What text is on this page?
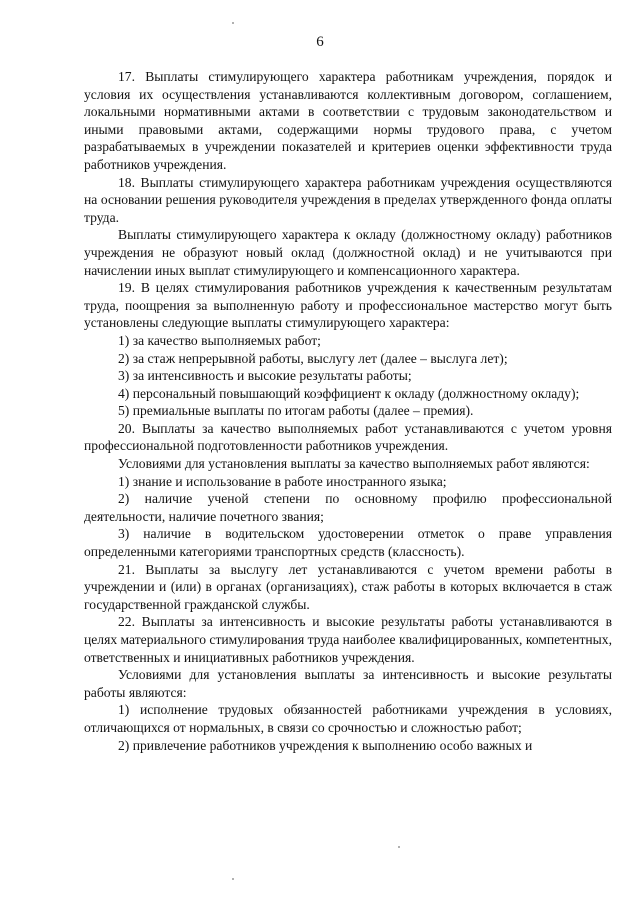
6

17. Выплаты стимулирующего характера работникам учреждения, порядок и условия их осуществления устанавливаются коллективным договором, соглашением, локальными нормативными актами в соответствии с трудовым законодательством и иными правовыми актами, содержащими нормы трудового права, с учетом разрабатываемых в учреждении показателей и критериев оценки эффективности труда работников учреждения.

18. Выплаты стимулирующего характера работникам учреждения осуществляются на основании решения руководителя учреждения в пределах утвержденного фонда оплаты труда.

Выплаты стимулирующего характера к окладу (должностному окладу) работников учреждения не образуют новый оклад (должностной оклад) и не учитываются при начислении иных выплат стимулирующего и компенсационного характера.

19. В целях стимулирования работников учреждения к качественным результатам труда, поощрения за выполненную работу и профессиональное мастерство могут быть установлены следующие выплаты стимулирующего характера:

1) за качество выполняемых работ;

2) за стаж непрерывной работы, выслугу лет (далее – выслуга лет);

3) за интенсивность и высокие результаты работы;

4) персональный повышающий коэффициент к окладу (должностному окладу);

5) премиальные выплаты по итогам работы (далее – премия).

20. Выплаты за качество выполняемых работ устанавливаются с учетом уровня профессиональной подготовленности работников учреждения.

Условиями для установления выплаты за качество выполняемых работ являются:

1) знание и использование в работе иностранного языка;

2) наличие ученой степени по основному профилю профессиональной деятельности, наличие почетного звания;

3) наличие в водительском удостоверении отметок о праве управления определенными категориями транспортных средств (классность).

21. Выплаты за выслугу лет устанавливаются с учетом времени работы в учреждении и (или) в органах (организациях), стаж работы в которых включается в стаж государственной гражданской службы.

22. Выплаты за интенсивность и высокие результаты работы устанавливаются в целях материального стимулирования труда наиболее квалифицированных, компетентных, ответственных и инициативных работников учреждения.

Условиями для установления выплаты за интенсивность и высокие результаты работы являются:

1) исполнение трудовых обязанностей работниками учреждения в условиях, отличающихся от нормальных, в связи со срочностью и сложностью работ;

2) привлечение работников учреждения к выполнению особо важных и
